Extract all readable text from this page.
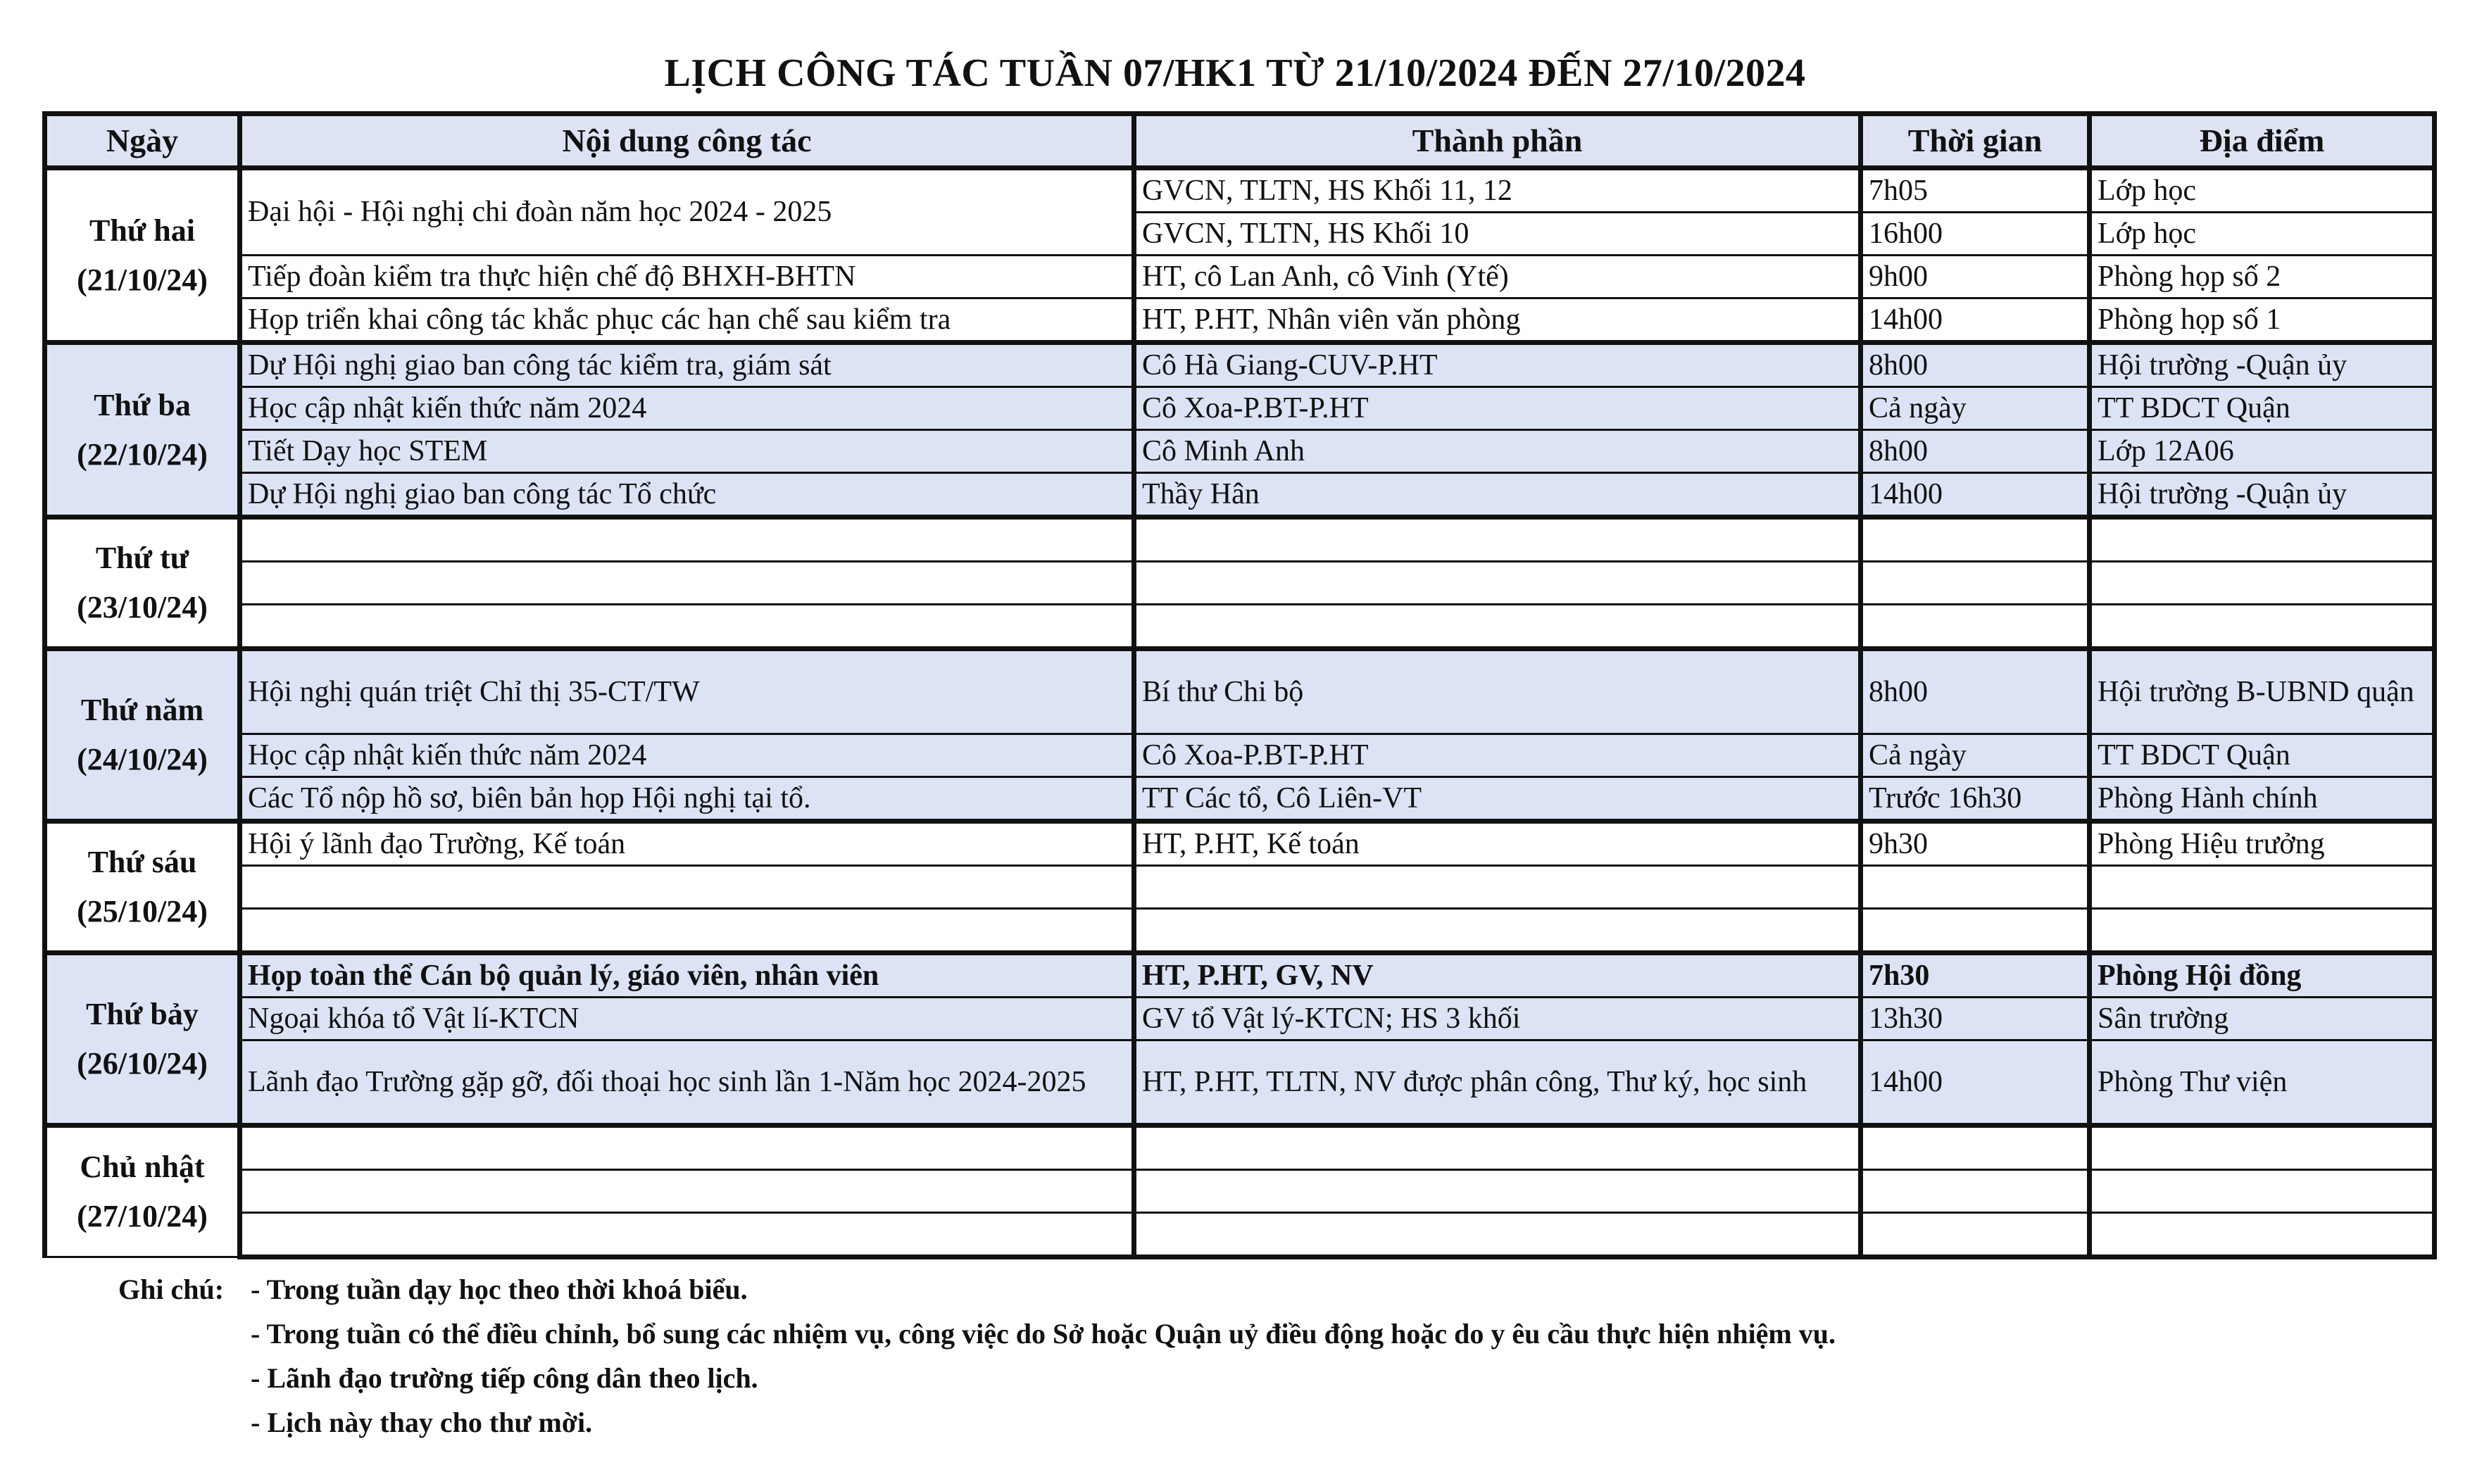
LỊCH CÔNG TÁC TUẦN 07/HK1 TỪ 21/10/2024 ĐẾN 27/10/2024
Ngày	Nội dung công tác	Thành phần	Thời gian	Địa điểm

Thứ hai
(21/10/24)	Đại hội - Hội nghị chi đoàn năm học 2024 - 2025	GVCN, TLTN, HS Khối 11, 12	7h05	Lớp học
		GVCN, TLTN, HS Khối 10	16h00	Lớp học
	Tiếp đoàn kiểm tra thực hiện chế độ BHXH-BHTN	HT, cô Lan Anh, cô Vinh (Ytế)	9h00	Phòng họp số 2
	Họp triển khai công tác khắc phục các hạn chế sau kiểm tra	HT, P.HT, Nhân viên văn phòng	14h00	Phòng họp số 1

Thứ ba
(22/10/24)	Dự Hội nghị giao ban công tác kiểm tra, giám sát	Cô Hà Giang-CUV-P.HT	8h00	Hội trường -Quận ủy
	Học cập nhật kiến thức năm 2024	Cô Xoa-P.BT-P.HT	Cả ngày	TT BDCT Quận
	Tiết Dạy học STEM	Cô Minh Anh	8h00	Lớp 12A06
	Dự Hội nghị giao ban công tác Tổ chức	Thầy Hân	14h00	Hội trường -Quận ủy

Thứ tư
(23/10/24)				

Thứ năm
(24/10/24)	Hội nghị quán triệt Chỉ thị 35-CT/TW	Bí thư Chi bộ	8h00	Hội trường B-UBND quận
	Học cập nhật kiến thức năm 2024	Cô Xoa-P.BT-P.HT	Cả ngày	TT BDCT Quận
	Các Tổ nộp hồ sơ, biên bản họp Hội nghị tại tổ.	TT Các tổ, Cô Liên-VT	Trước 16h30	Phòng Hành chính

Thứ sáu
(25/10/24)	Hội ý lãnh đạo Trường, Kế toán	HT, P.HT, Kế toán	9h30	Phòng Hiệu trưởng

Thứ bảy
(26/10/24)	Họp toàn thể Cán bộ quản lý, giáo viên, nhân viên	HT, P.HT, GV, NV	7h30	Phòng Hội đồng
	Ngoại khóa tổ Vật lí-KTCN	GV tổ Vật lý-KTCN; HS 3 khối	13h30	Sân trường
	Lãnh đạo Trường gặp gỡ, đối thoại học sinh lần 1-Năm học 2024-2025	HT, P.HT, TLTN, NV được phân công, Thư ký, học sinh	14h00	Phòng Thư viện

Chủ nhật
(27/10/24)				

Ghi chú: - Trong tuần dạy học theo thời khoá biểu.
- Trong tuần có thể điều chỉnh, bổ sung các nhiệm vụ, công việc do Sở hoặc Quận uỷ điều động hoặc do y êu cầu thực hiện nhiệm vụ.
- Lãnh đạo trường tiếp công dân theo lịch.
- Lịch này thay cho thư mời.
